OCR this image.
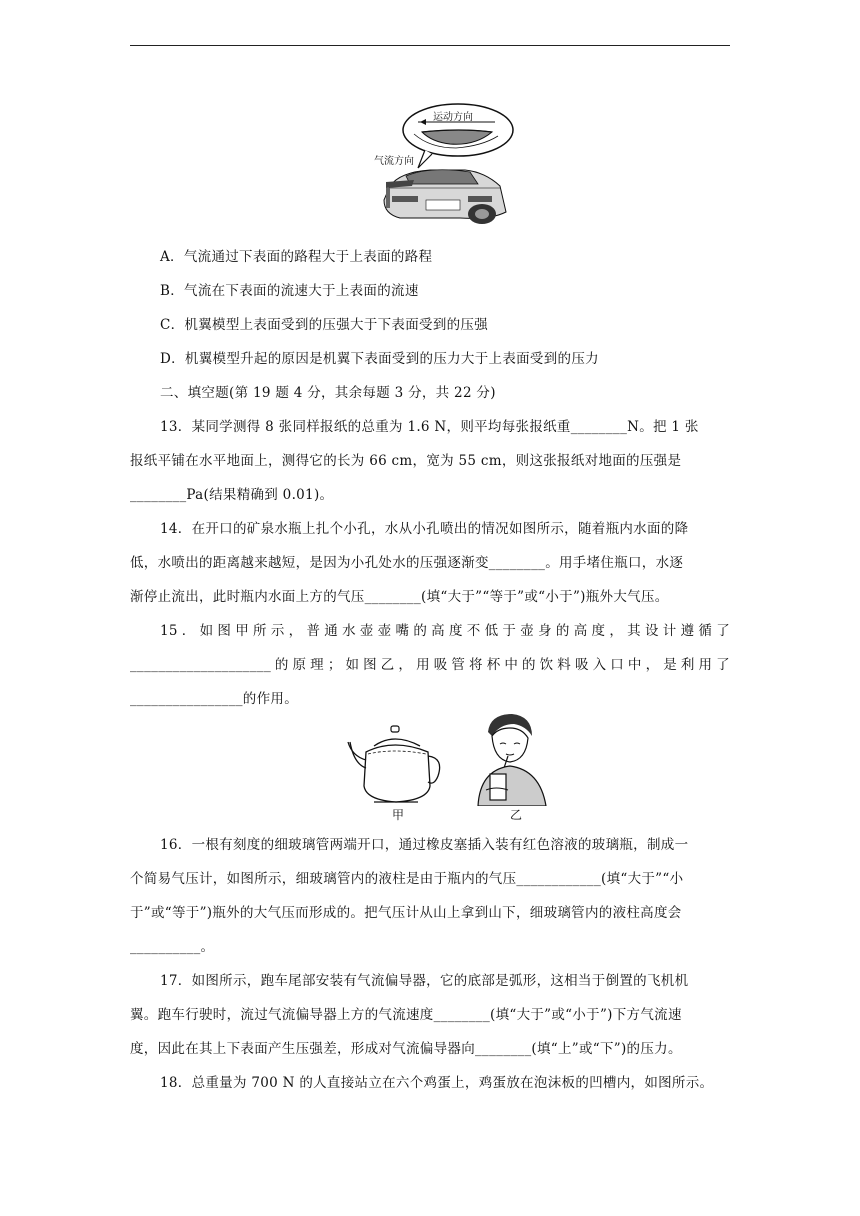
运动方向
气流方向
A．气流通过下表面的路程大于上表面的路程
B．气流在下表面的流速大于上表面的流速
C．机翼模型上表面受到的压强大于下表面受到的压强
D．机翼模型升起的原因是机翼下表面受到的压力大于上表面受到的压力
二、填空题(第 19 题 4 分，其余每题 3 分，共 22 分)
13．某同学测得 8 张同样报纸的总重为 1.6 N，则平均每张报纸重________N。把 1 张
报纸平铺在水平地面上，测得它的长为 66 cm，宽为 55 cm，则这张报纸对地面的压强是
________Pa(结果精确到 0.01)。
14．在开口的矿泉水瓶上扎个小孔，水从小孔喷出的情况如图所示，随着瓶内水面的降
低，水喷出的距离越来越短，是因为小孔处水的压强逐渐变________。用手堵住瓶口，水逐
渐停止流出，此时瓶内水面上方的气压________(填“大于”“等于”或“小于”)瓶外大气压。
15．如图甲所示，普通水壶壶嘴的高度不低于壶身的高度，其设计遵循了
____________________的原理；如图乙，用吸管将杯中的饮料吸入口中，是利用了
________________的作用。
甲	乙
16．一根有刻度的细玻璃管两端开口，通过橡皮塞插入装有红色溶液的玻璃瓶，制成一
个简易气压计，如图所示，细玻璃管内的液柱是由于瓶内的气压____________(填“大于”“小
于”或“等于”)瓶外的大气压而形成的。把气压计从山上拿到山下，细玻璃管内的液柱高度会
__________。
17．如图所示，跑车尾部安装有气流偏导器，它的底部是弧形，这相当于倒置的飞机机
翼。跑车行驶时，流过气流偏导器上方的气流速度________(填“大于”或“小于”)下方气流速
度，因此在其上下表面产生压强差，形成对气流偏导器向________(填“上”或“下”)的压力。
18．总重量为 700 N 的人直接站立在六个鸡蛋上，鸡蛋放在泡沫板的凹槽内，如图所示。
